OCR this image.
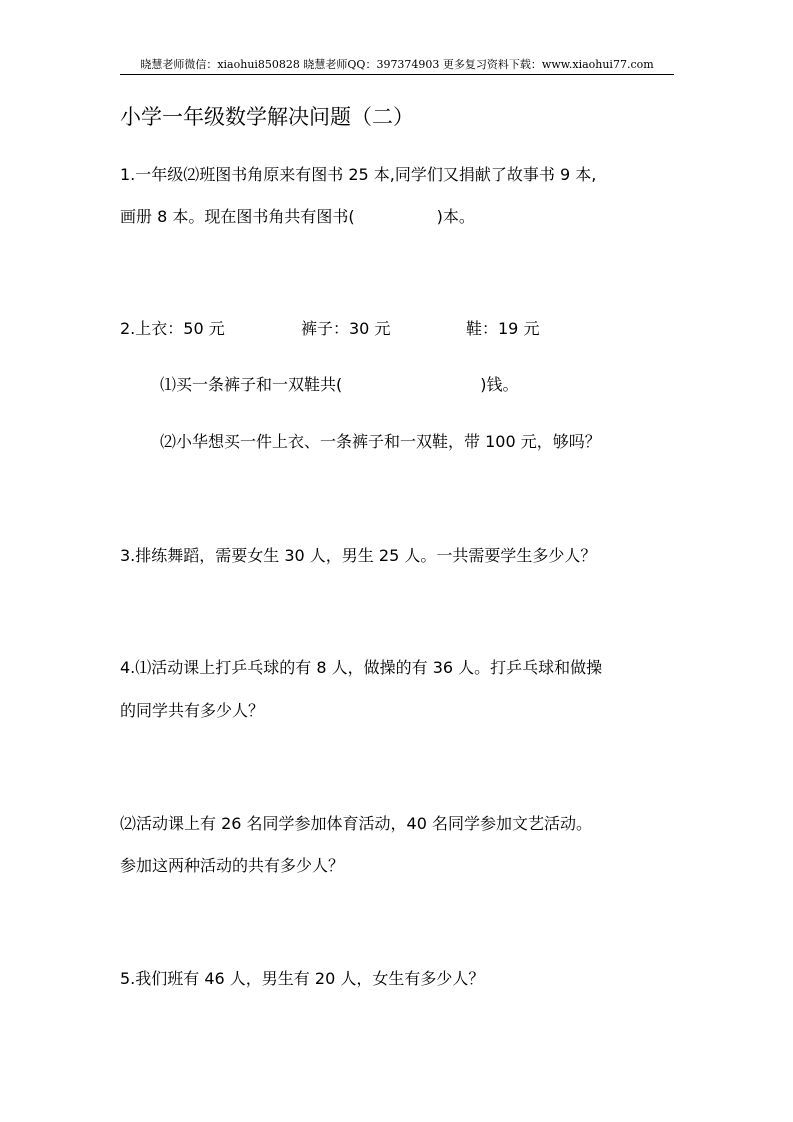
晓慧老师微信：xiaohui850828 晓慧老师QQ：397374903 更多复习资料下载：www.xiaohui77.com
小学一年级数学解决问题（二）
1.一年级⑵班图书角原来有图书 25 本,同学们又捐献了故事书 9 本,
画册 8 本。现在图书角共有图书(	)本。
2.上衣：50 元	裤子：30 元	鞋：19 元
⑴买一条裤子和一双鞋共(	)钱。
⑵小华想买一件上衣、一条裤子和一双鞋，带 100 元，够吗？
3.排练舞蹈，需要女生 30 人，男生 25 人。一共需要学生多少人？
4.⑴活动课上打乒乓球的有 8 人，做操的有 36 人。打乒乓球和做操
的同学共有多少人？
⑵活动课上有 26 名同学参加体育活动，40 名同学参加文艺活动。
参加这两种活动的共有多少人？
5.我们班有 46 人，男生有 20 人，女生有多少人？
